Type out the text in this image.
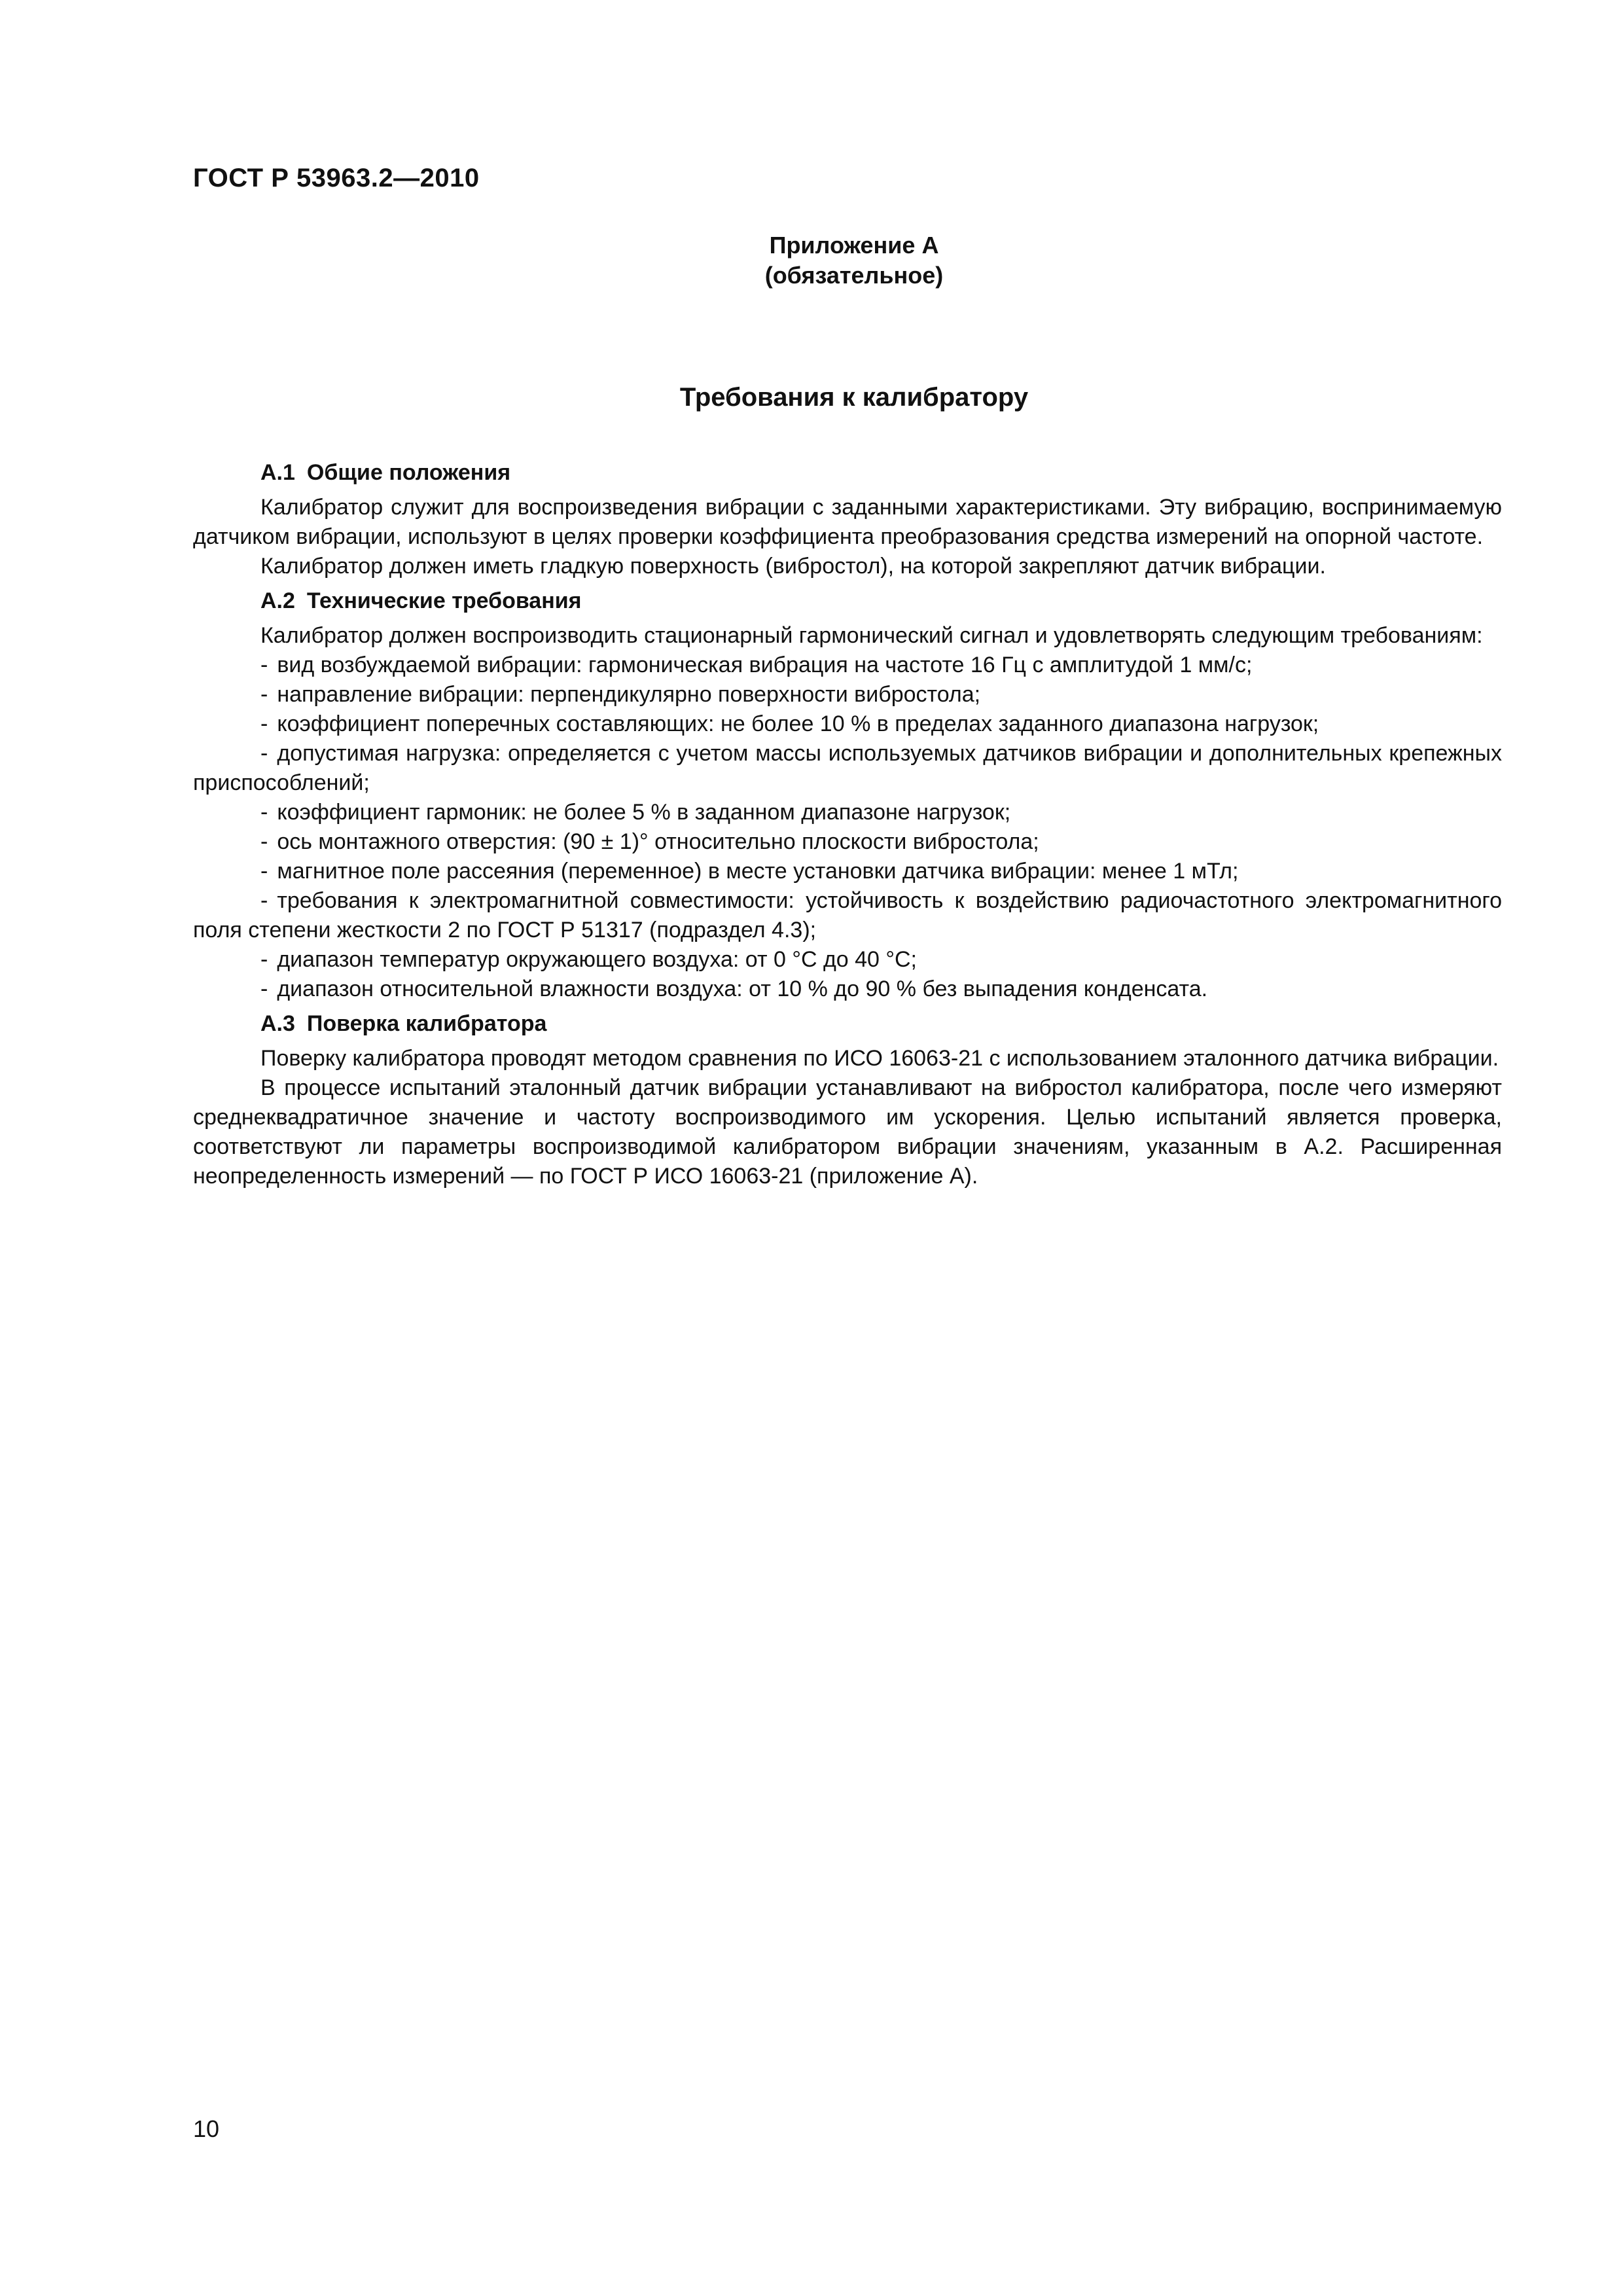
ГОСТ Р 53963.2—2010
Приложение А
(обязательное)
Требования к калибратору
А.1 Общие положения

Калибратор служит для воспроизведения вибрации с заданными характеристиками. Эту вибрацию, воспринимаемую датчиком вибрации, используют в целях проверки коэффициента преобразования средства измерений на опорной частоте.

Калибратор должен иметь гладкую поверхность (вибростол), на которой закрепляют датчик вибрации.

А.2 Технические требования

Калибратор должен воспроизводить стационарный гармонический сигнал и удовлетворять следующим требованиям:

- вид возбуждаемой вибрации: гармоническая вибрация на частоте 16 Гц с амплитудой 1 мм/с;
- направление вибрации: перпендикулярно поверхности вибростола;
- коэффициент поперечных составляющих: не более 10 % в пределах заданного диапазона нагрузок;
- допустимая нагрузка: определяется с учетом массы используемых датчиков вибрации и дополнительных крепежных приспособлений;
- коэффициент гармоник: не более 5 % в заданном диапазоне нагрузок;
- ось монтажного отверстия: (90 ± 1)° относительно плоскости вибростола;
- магнитное поле рассеяния (переменное) в месте установки датчика вибрации: менее 1 мТл;
- требования к электромагнитной совместимости: устойчивость к воздействию радиочастотного электромагнитного поля степени жесткости 2 по ГОСТ Р 51317 (подраздел 4.3);
- диапазон температур окружающего воздуха: от 0 °С до 40 °С;
- диапазон относительной влажности воздуха: от 10 % до 90 % без выпадения конденсата.
А.3 Поверка калибратора

Поверку калибратора проводят методом сравнения по ИСО 16063-21 с использованием эталонного датчика вибрации.

В процессе испытаний эталонный датчик вибрации устанавливают на вибростол калибратора, после чего измеряют среднеквадратичное значение и частоту воспроизводимого им ускорения. Целью испытаний является проверка, соответствуют ли параметры воспроизводимой калибратором вибрации значениям, указанным в А.2. Расширенная неопределенность измерений — по ГОСТ Р ИСО 16063-21 (приложение А).

10
